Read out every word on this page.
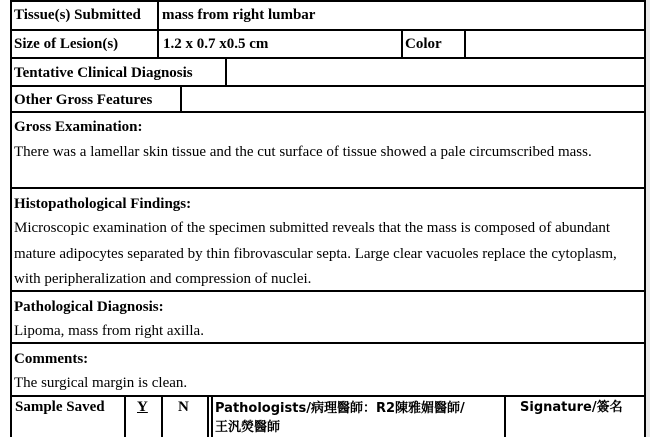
Tissue(s) Submitted mass from right lumbar
Size of Lesion(s)	1.2 x 0.7 x0.5 cm	Color
Tentative Clinical Diagnosis
Other Gross Features
Gross Examination:
There was a lamellar skin tissue and the cut surface of tissue showed a pale circumscribed mass.
Histopathological Findings:
Microscopic examination of the specimen submitted reveals that the mass is composed of abundant mature adipocytes separated by thin fibrovascular septa. Large clear vacuoles replace the cytoplasm, with peripheralization and compression of nuclei.
Pathological Diagnosis:
Lipoma, mass from right axilla.
Comments:
The surgical margin is clean.
Sample Saved Y N Pathologists/病理醫師：R2陳雅媚醫師/
王汎熒醫師
Signature/簽名
